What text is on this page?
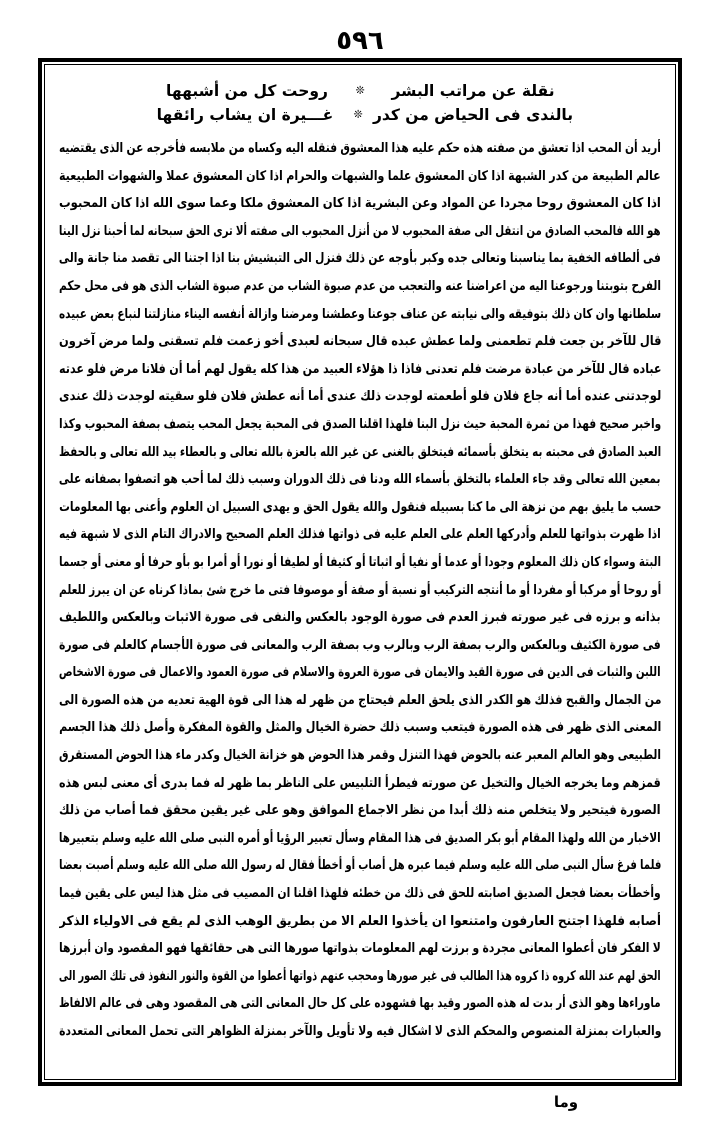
٥٩٦
نقلة عن مراتب البشر
❊
روحت كل من أشبهها
بالندى فى الحياض من كدر
❊
غـــيرة ان يشاب رائقها
أريد أن المحب اذا تعشق من صفته هذه حكم عليه هذا المعشوق فنقله اليه وكساه من ملابسه فأخرجه عن الذى يقتضيه
عالم الطبيعة من كدر الشبهة اذا كان المعشوق علما والشبهات والحرام اذا كان المعشوق عملا والشهوات الطبيعية
اذا كان المعشوق روحا مجردا عن المواد وعن البشرية اذا كان المعشوق ملكا وعما سوى الله اذا كان المحبوب
هو الله فالمحب الصادق من انتقل الى صفة المحبوب لا من أنزل المحبوب الى صفته ألا ترى الحق سبحانه لما أحبنا نزل الينا
فى ألطافه الخفية بما يناسبنا وتعالى جده وكبر بأوجه عن ذلك فنزل الى التبشيش بنا اذا اجتنا الى تقصد منا جانة والى
الفرح بتوبتنا ورجوعنا اليه من اعراضنا عنه والتعجب من عدم صبوة الشاب من عدم صبوة الشاب الذى هو فى محل حكم
سلطانها وان كان ذلك بتوفيقه والى نيابته عن عناف جوعنا وعطشنا ومرضنا وازالة أنفسه اليناء منازلتنا لنباع بعض عبيده
قال للآخر بن جعت فلم تطعمنى ولما عطش عبده قال سبحانه لعبدى أخو زعمت فلم تسقنى ولما مرض آخرون
عباده قال للآخر من عبادة مرضت فلم تعدنى فاذا ذا هؤلاء العبيد من هذا كله يقول لهم أما أن فلانا مرض فلو عدته
لوجدتنى عنده أما أنه جاع فلان فلو أطعمته لوجدت ذلك عندى أما أنه عطش فلان فلو سقيته لوجدت ذلك عندى
واخبر صحيح فهذا من ثمرة المحبة حيث نزل البنا فلهذا اقلنا الصدق فى المحبة يجعل المحب يتصف بصفة المحبوب وكذا
العبد الصادق فى محبته به يتخلق بأسمائه فيتخلق بالغنى عن غير الله بالعزة بالله تعالى و بالعطاء بيد الله تعالى و بالحفظ
بمعين الله تعالى وقد جاء العلماء بالتخلق بأسماء الله ودنا فى ذلك الدوران وسبب ذلك لما أحب هو اتصفوا بصفانه على
حسب ما يليق بهم من نزهة الى ما كنا بسبيله فنقول والله يقول الحق و يهدى السبيل ان العلوم وأعنى بها المعلومات
اذا ظهرت بذواتها للعلم وأدركها العلم على العلم عليه فى ذواتها فذلك العلم الصحيح والادراك التام الذى لا شبهة فيه
البتة وسواء كان ذلك المعلوم وجودا أو عدما أو نفيا أو اثباتا أو كثيفا أو لطيفا أو نورا أو أمرا بو بأو حرفا أو معنى أو جسما
أو روحا أو مركبا أو مفردا أو ما أنتجه التركيب أو نسبة أو صفة أو موصوفا فتى ما خرج شئ بماذا كرناه عن ان يبرز للعلم
بذانه و برزه فى غير صورته فبرز العدم فى صورة الوجود بالعكس والنفى فى صورة الاثبات وبالعكس واللطيف
فى صورة الكثيف وبالعكس والرب بصفة الرب وبالرب وب بصفة الرب والمعانى فى صورة الأجسام كالعلم فى صورة
اللبن والثبات فى الدين فى صورة القيد والايمان فى صورة العروة والاسلام فى صورة العمود والاعمال فى صورة الاشخاص
من الجمال والقبح فذلك هو الكدر الذى يلحق العلم فيحتاج من ظهر له هذا الى قوة الهية تعديه من هذه الصورة الى
المعنى الذى ظهر فى هذه الصورة فيتعب وسبب ذلك حضرة الخيال والمثل والقوة المفكرة وأصل ذلك هذا الجسم
الطبيعى وهو العالم المعبر عنه بالحوض فهذا التنزل وقمر هذا الحوض هو خزانة الخيال وكدر ماء هذا الحوض المستقرق
قمزهم وما يخرجه الخيال والتخيل عن صورته فيطرأ التلبيس على الناظر بما ظهر له فما بدرى أى معنى لبس هذه
الصورة فيتحير ولا يتخلص منه ذلك أبدا من نظر الاجماع الموافق وهو على غير يقين محقق فما أصاب من ذلك
الاخبار من الله ولهذا المقام أبو بكر الصديق فى هذا المقام وسأل تعبير الرؤيا أو أمره النبى صلى الله عليه وسلم بتعبيرها
فلما فرغ سأل النبى صلى الله عليه وسلم فيما عبره هل أصاب أو أخطأ فقال له رسول الله صلى الله عليه وسلم أصبت بعضا
وأخطأت بعضا فجعل الصديق اصابته للحق فى ذلك من خطئه فلهذا اقلنا ان المصيب فى مثل هذا ليس على يقين فيما
أصابه فلهذا اجتنح العارفون وامتنعوا ان يأخذوا العلم الا من بطريق الوهب الذى لم يقع فى الاولياء الذكر
لا الفكر فان أعطوا المعانى مجردة و برزت لهم المعلومات بذواتها صورها التى هى حقائقها فهو المقصود وان أبرزها
الحق لهم عند الله كروه ذا كروه هذا الطالب فى غير صورها ومحجب عنهم ذواتها أعطوا من القوة والنور النفوذ فى تلك الصور الى
ماوراءها وهو الذى أر بدت له هذه الصور وقيد بها فشهوده على كل حال المعانى التى هى المقصود وهى فى عالم الالفاظ
والعبارات بمنزلة المنصوص والمحكم الذى لا اشكال فيه ولا تأويل والآخر بمنزلة الظواهر التى تحمل المعانى المتعددة
وما
